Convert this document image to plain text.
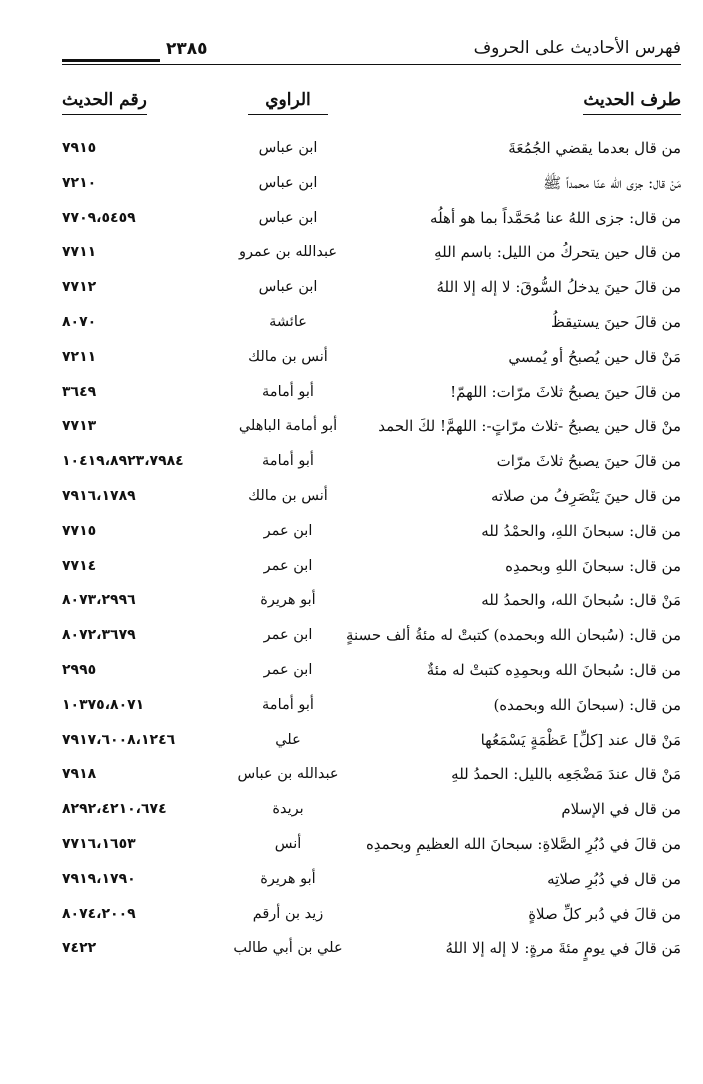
فهرس الأحاديث على الحروف
٢٣٨٥
طرف الحديث
الراوي
رقم الحديث
من قال بعدما يقضي الجُمُعَةَ
ابن عباس
٧٩١٥
مَنْ قال: جزى الله عنّا محمداً ﷺ
ابن عباس
٧٢١٠
من قال: جزى اللهُ عنا مُحَمَّداً بما هو أهلُه
ابن عباس
٧٧٠٩،٥٤٥٩
من قال حين يتحركُ من الليل: باسم اللهِ
عبدالله بن عمرو
٧٧١١
من قالَ حينَ يدخلُ السُّوقَ: لا إله إلا اللهُ
ابن عباس
٧٧١٢
من قالَ حينَ يستيقظُ
عائشة
٨٠٧٠
مَنْ قال حين يُصبحُ أو يُمسي
أنس بن مالك
٧٢١١
من قالَ حينَ يصبحُ ثلاثَ مرّات: اللهمّ!
أبو أمامة
٣٦٤٩
منْ قال حين يصبحُ -ثلاث مرّاتٍ-: اللهمَّ! لكَ الحمد
أبو أمامة الباهلي
٧٧١٣
من قالَ حينَ يصبحُ ثلاثَ مرّات
أبو أمامة
١٠٤١٩،٨٩٢٣،٧٩٨٤
من قال حينَ يَنْصَرِفُ من صلاته
أنس بن مالك
٧٩١٦،١٧٨٩
من قال: سبحانَ اللهِ، والحمْدُ لله
ابن عمر
٧٧١٥
من قال: سبحانَ اللهِ وبحمدِه
ابن عمر
٧٧١٤
مَنْ قال: سُبحانَ الله، والحمدُ لله
أبو هريرة
٨٠٧٣،٢٩٩٦
من قال: (سُبحان الله وبحمده) كتبتْ له مئةُ ألف حسنةٍ
ابن عمر
٨٠٧٢،٣٦٧٩
من قال: سُبحانَ الله وبحمِدِه كتبتْ له مئةٌ
ابن عمر
٢٩٩٥
من قال: (سبحانَ الله وبحمده)
أبو أمامة
١٠٣٧٥،٨٠٧١
مَنْ قال عند [كلِّ] عَظْمَةٍ يَسْمَعُها
علي
٧٩١٧،٦٠٠٨،١٢٤٦
مَنْ قال عندَ مَضْجَعِه بالليل: الحمدُ للهِ
عبدالله بن عباس
٧٩١٨
من قال في الإسلام
بريدة
٨٢٩٢،٤٢١٠،٦٧٤
من قالَ في دُبُرِ الصَّلاةِ: سبحانَ الله العظيمِ وبحمدِه
أنس
٧٧١٦،١٦٥٣
من قال في دُبُرِ صلاتِه
أبو هريرة
٧٩١٩،١٧٩٠
من قالَ في دُبر كلِّ صلاةٍ
زيد بن أرقم
٨٠٧٤،٢٠٠٩
مَن قالَ في يومٍ مئةَ مرةٍ: لا إله إلا اللهُ
علي بن أبي طالب
٧٤٢٢
